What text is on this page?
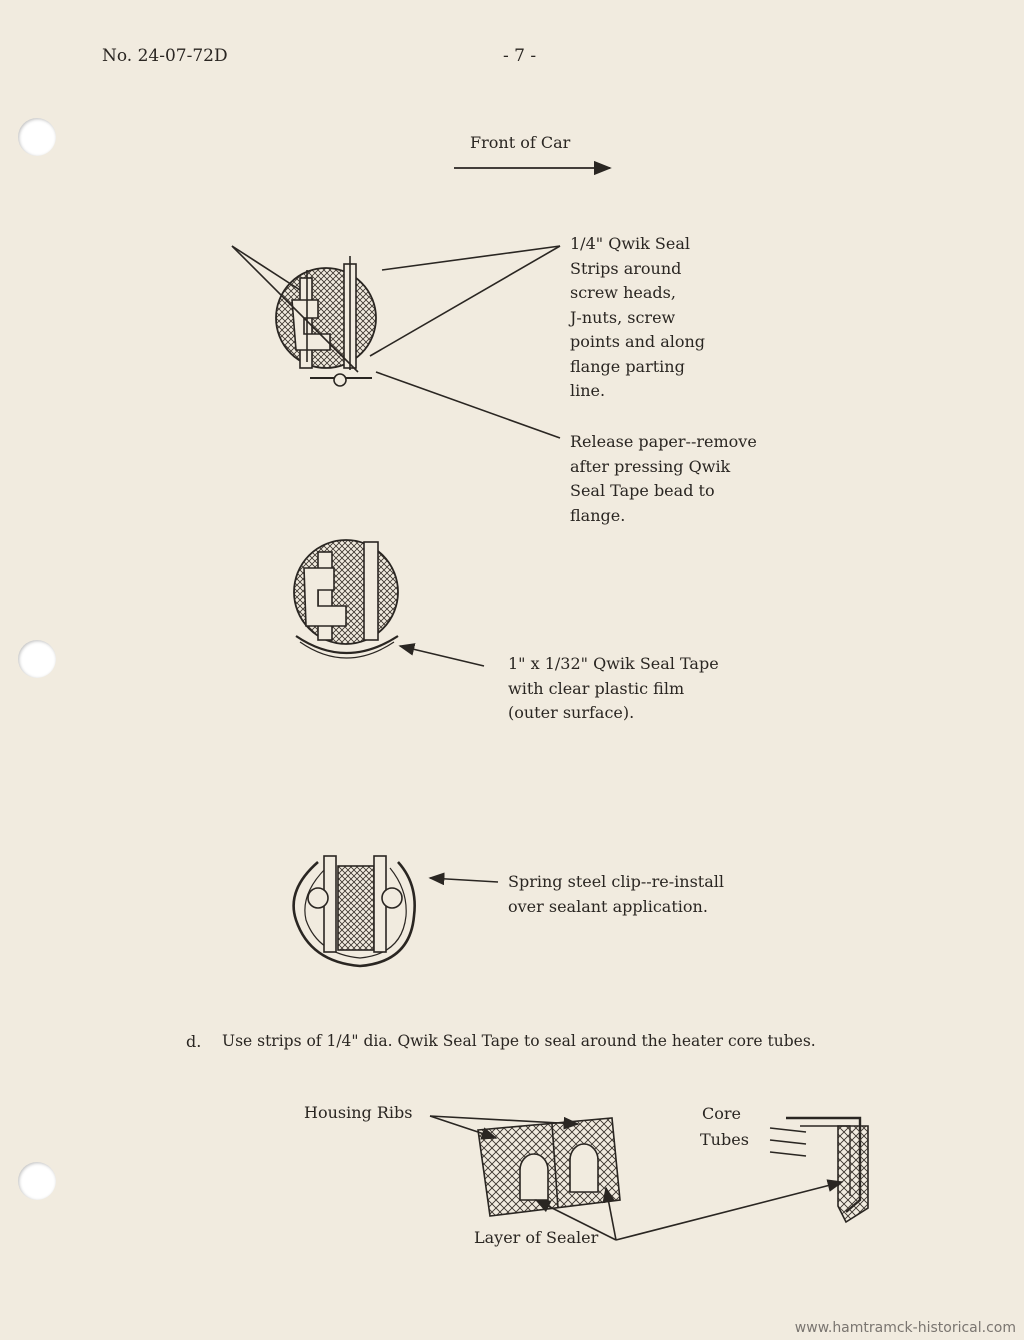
No. 24-07-72D	- 7 -
Front of Car
1/4" Qwik Seal
Strips around
screw heads,
J-nuts, screw
points and along
flange parting
line.
Release paper--remove
after pressing Qwik
Seal Tape bead to
flange.
1" x 1/32" Qwik Seal Tape
with clear plastic film
(outer surface).
Spring steel clip--re-install
over sealant application.
d. Use strips of 1/4" dia. Qwik Seal Tape to seal around the heater core tubes.
Housing Ribs	Core
Tubes
Layer of Sealer
www.hamtramck-historical.com
